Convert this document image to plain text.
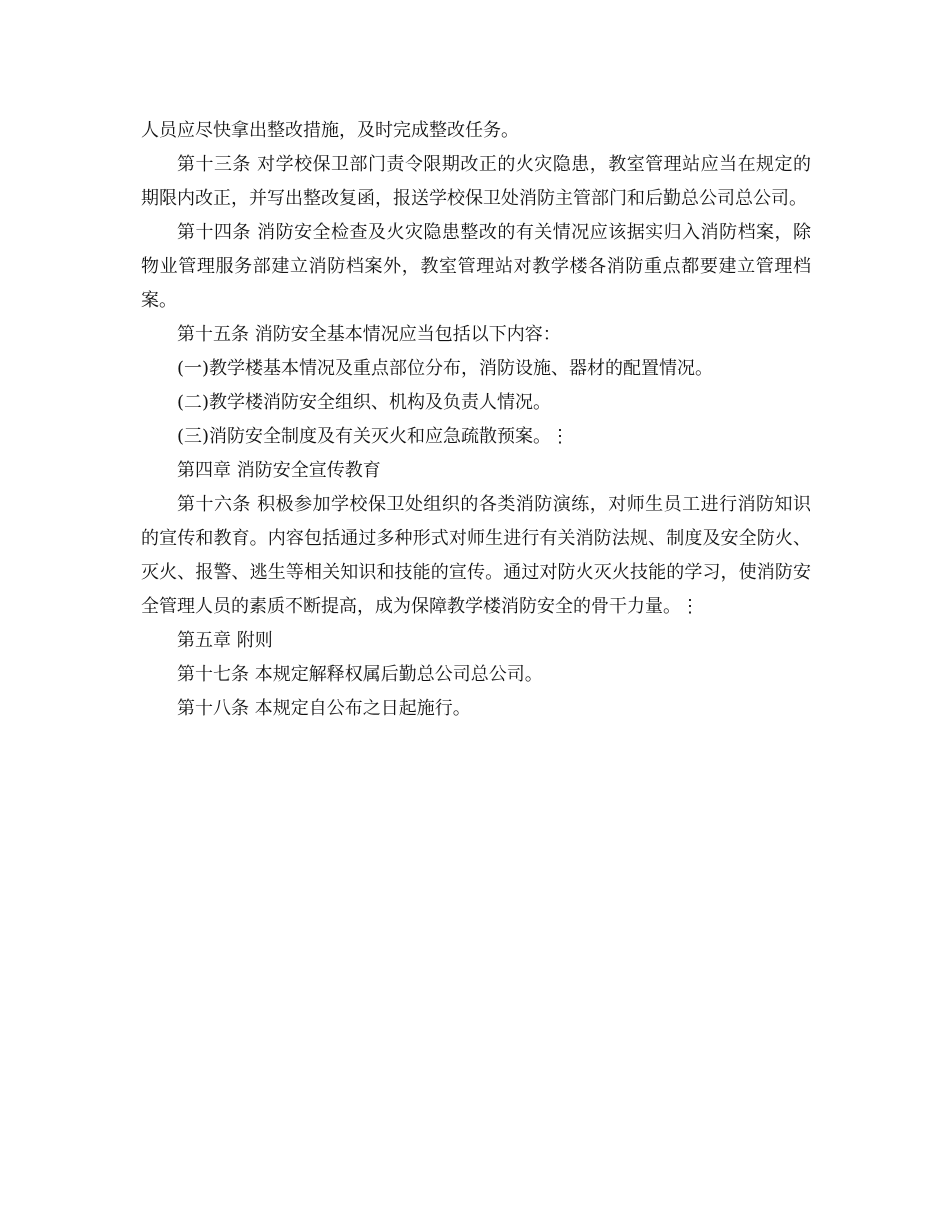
人员应尽快拿出整改措施，及时完成整改任务。

第十三条 对学校保卫部门责令限期改正的火灾隐患，教室管理站应当在规定的期限内改正，并写出整改复函，报送学校保卫处消防主管部门和后勤总公司总公司。

第十四条 消防安全检查及火灾隐患整改的有关情况应该据实归入消防档案，除物业管理服务部建立消防档案外，教室管理站对教学楼各消防重点都要建立管理档案。

第十五条 消防安全基本情况应当包括以下内容：

(一)教学楼基本情况及重点部位分布，消防设施、器材的配置情况。

(二)教学楼消防安全组织、机构及负责人情况。

(三)消防安全制度及有关灭火和应急疏散预案。⋮

第四章 消防安全宣传教育

第十六条 积极参加学校保卫处组织的各类消防演练，对师生员工进行消防知识的宣传和教育。内容包括通过多种形式对师生进行有关消防法规、制度及安全防火、灭火、报警、逃生等相关知识和技能的宣传。通过对防火灭火技能的学习，使消防安全管理人员的素质不断提高，成为保障教学楼消防安全的骨干力量。⋮

第五章 附则

第十七条 本规定解释权属后勤总公司总公司。

第十八条 本规定自公布之日起施行。
